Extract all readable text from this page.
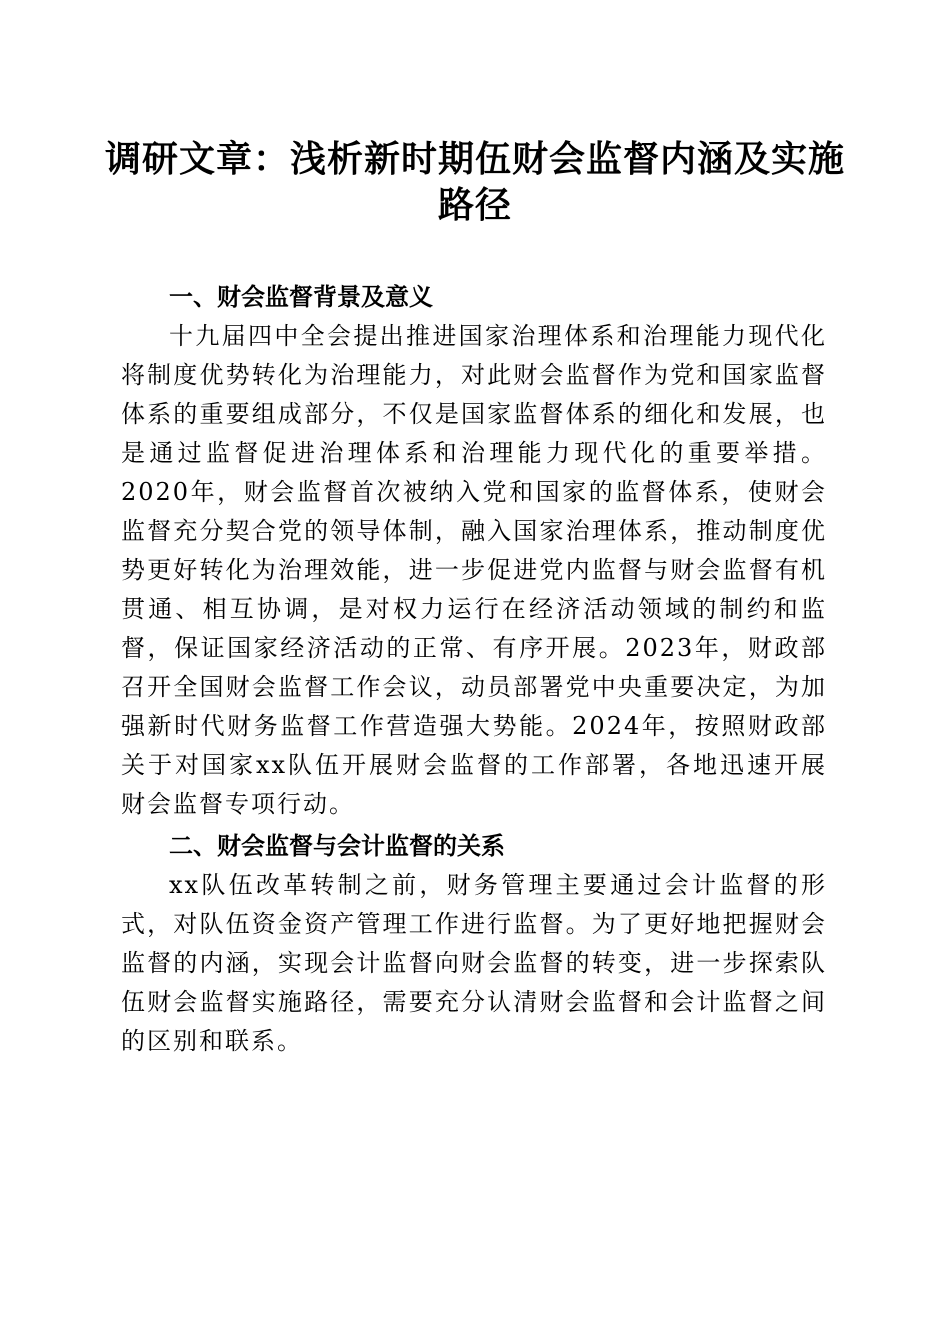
调研文章：浅析新时期伍财会监督内涵及实施路径
一、财会监督背景及意义

十九届四中全会提出推进国家治理体系和治理能力现代化将制度优势转化为治理能力，对此财会监督作为党和国家监督体系的重要组成部分，不仅是国家监督体系的细化和发展，也是通过监督促进治理体系和治理能力现代化的重要举措。2020年，财会监督首次被纳入党和国家的监督体系，使财会监督充分契合党的领导体制，融入国家治理体系，推动制度优势更好转化为治理效能，进一步促进党内监督与财会监督有机贯通、相互协调，是对权力运行在经济活动领域的制约和监督，保证国家经济活动的正常、有序开展。2023年，财政部召开全国财会监督工作会议，动员部署党中央重要决定，为加强新时代财务监督工作营造强大势能。2024年，按照财政部关于对国家xx队伍开展财会监督的工作部署，各地迅速开展财会监督专项行动。

二、财会监督与会计监督的关系

xx队伍改革转制之前，财务管理主要通过会计监督的形式，对队伍资金资产管理工作进行监督。为了更好地把握财会监督的内涵，实现会计监督向财会监督的转变，进一步探索队伍财会监督实施路径，需要充分认清财会监督和会计监督之间的区别和联系。
